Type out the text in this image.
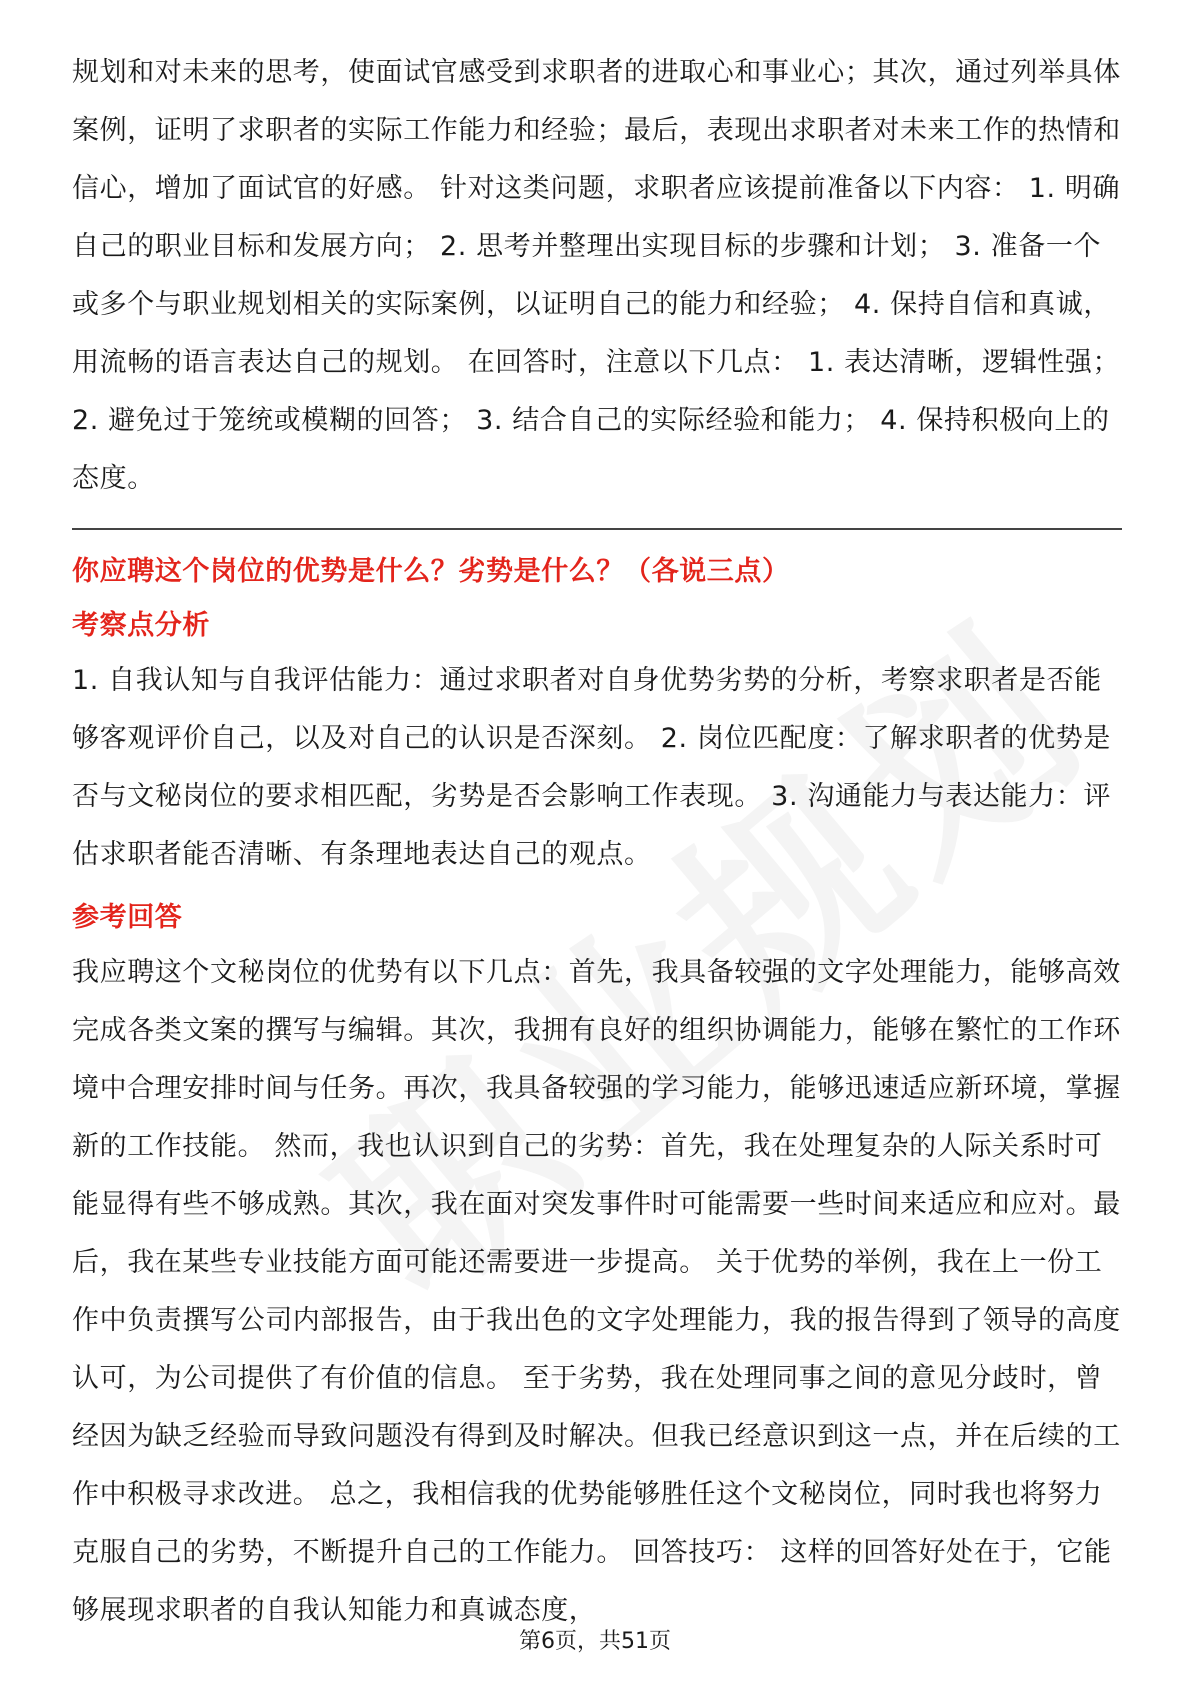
规划和对未来的思考，使面试官感受到求职者的进取心和事业心；其次，通过列举具体案例，证明了求职者的实际工作能力和经验；最后，表现出求职者对未来工作的热情和信心，增加了面试官的好感。 针对这类问题，求职者应该提前准备以下内容： 1. 明确自己的职业目标和发展方向； 2. 思考并整理出实现目标的步骤和计划； 3. 准备一个或多个与职业规划相关的实际案例，以证明自己的能力和经验； 4. 保持自信和真诚，用流畅的语言表达自己的规划。 在回答时，注意以下几点： 1. 表达清晰，逻辑性强； 2. 避免过于笼统或模糊的回答； 3. 结合自己的实际经验和能力； 4. 保持积极向上的态度。

你应聘这个岗位的优势是什么？劣势是什么？（各说三点）

考察点分析

1. 自我认知与自我评估能力：通过求职者对自身优势劣势的分析，考察求职者是否能够客观评价自己，以及对自己的认识是否深刻。 2. 岗位匹配度：了解求职者的优势是否与文秘岗位的要求相匹配，劣势是否会影响工作表现。 3. 沟通能力与表达能力：评估求职者能否清晰、有条理地表达自己的观点。

参考回答

我应聘这个文秘岗位的优势有以下几点：首先，我具备较强的文字处理能力，能够高效完成各类文案的撰写与编辑。其次，我拥有良好的组织协调能力，能够在繁忙的工作环境中合理安排时间与任务。再次，我具备较强的学习能力，能够迅速适应新环境，掌握新的工作技能。 然而，我也认识到自己的劣势：首先，我在处理复杂的人际关系时可能显得有些不够成熟。其次，我在面对突发事件时可能需要一些时间来适应和应对。最后，我在某些专业技能方面可能还需要进一步提高。 关于优势的举例，我在上一份工作中负责撰写公司内部报告，由于我出色的文字处理能力，我的报告得到了领导的高度认可，为公司提供了有价值的信息。 至于劣势，我在处理同事之间的意见分歧时，曾经因为缺乏经验而导致问题没有得到及时解决。但我已经意识到这一点，并在后续的工作中积极寻求改进。 总之，我相信我的优势能够胜任这个文秘岗位，同时我也将努力克服自己的劣势，不断提升自己的工作能力。 回答技巧： 这样的回答好处在于，它能够展现求职者的自我认知能力和真诚态度，

第6页，共51页
